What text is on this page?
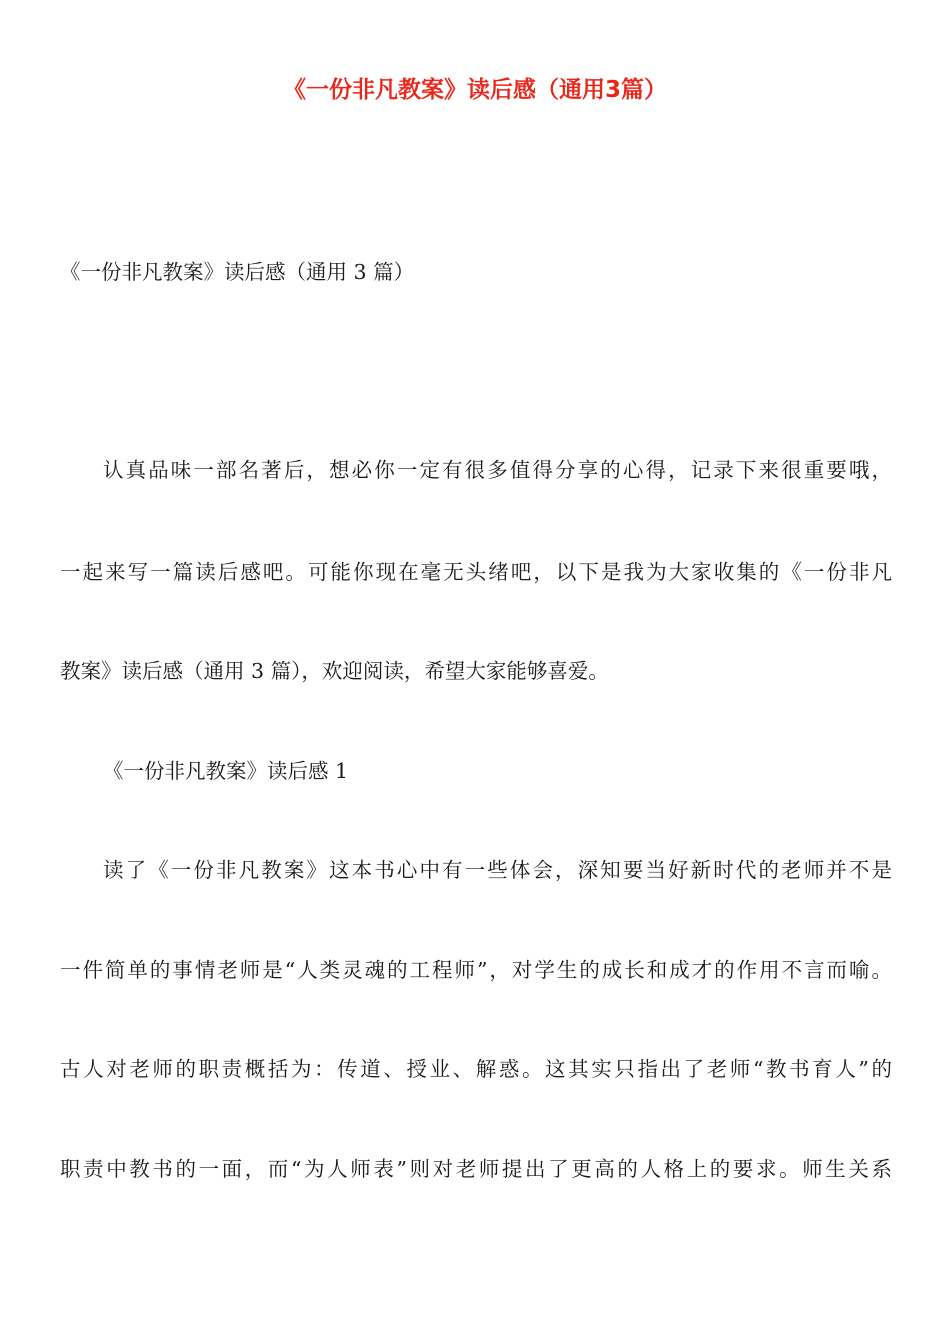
《一份非凡教案》读后感（通用3篇）
《一份非凡教案》读后感（通用 3 篇）
认真品味一部名著后，想必你一定有很多值得分享的心得，记录下来很重要哦，
一起来写一篇读后感吧。可能你现在毫无头绪吧，以下是我为大家收集的《一份非凡
教案》读后感（通用 3 篇），欢迎阅读，希望大家能够喜爱。
《一份非凡教案》读后感 1
读了《一份非凡教案》这本书心中有一些体会，深知要当好新时代的老师并不是
一件简单的事情老师是“人类灵魂的工程师”，对学生的成长和成才的作用不言而喻。
古人对老师的职责概括为：传道、授业、解惑。这其实只指出了老师“教书育人”的
职责中教书的一面，而“为人师表”则对老师提出了更高的人格上的要求。师生关系
